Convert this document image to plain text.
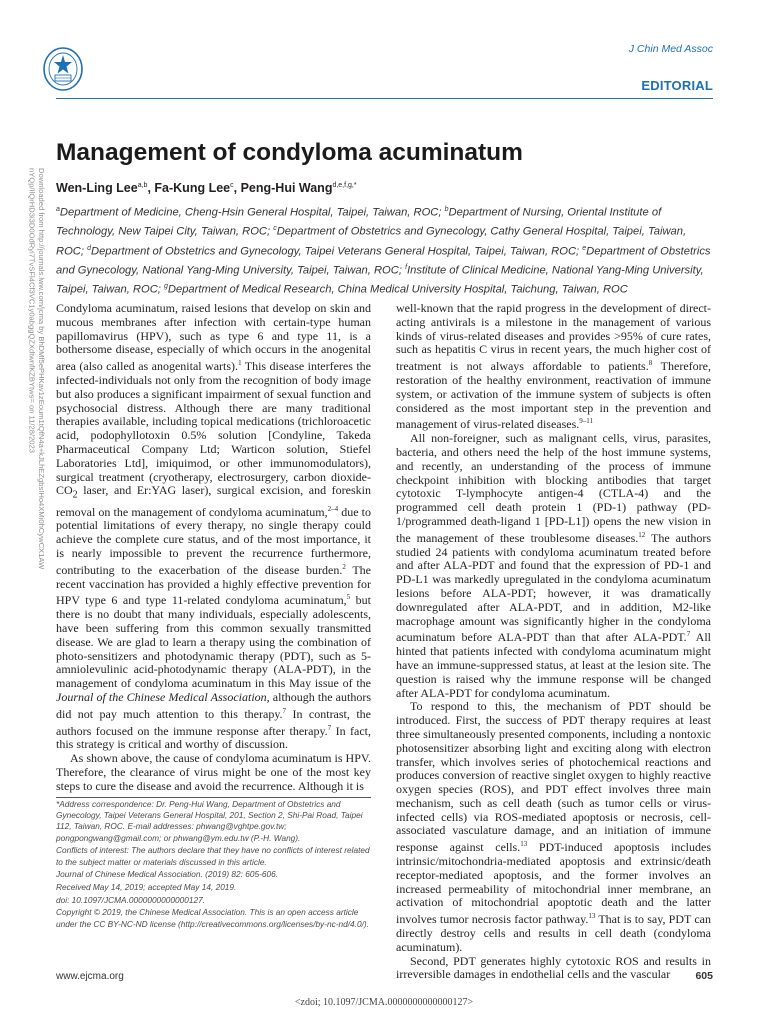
J Chin Med Assoc
EDITORIAL
Downloaded from http://journals.lww.com/jcma by BhDMf5ePHKav1zEoum1tQfN4a+kJLhEZgbsIHo4XMi0hCywCX1AW
nYQp/IlQrHD3i3D0OdRyi7TvSFl4Cf3VC1y0abggQZXdtwnfKZBYtws= on 11/28/2023
Management of condyloma acuminatum
Wen-Ling Lee$^{a,b}$, Fa-Kung Lee$^c$, Peng-Hui Wang$^{d,e,f,g,*}$

$^a$Department of Medicine, Cheng-Hsin General Hospital, Taipei, Taiwan, ROC; $^b$Department of Nursing, Oriental Institute of Technology, New Taipei City, Taiwan, ROC; $^c$Department of Obstetrics and Gynecology, Cathy General Hospital, Taipei, Taiwan, ROC; $^d$Department of Obstetrics and Gynecology, Taipei Veterans General Hospital, Taipei, Taiwan, ROC; $^e$Department of Obstetrics and Gynecology, National Yang-Ming University, Taipei, Taiwan, ROC; $^f$Institute of Clinical Medicine, National Yang-Ming University, Taipei, Taiwan, ROC; $^g$Department of Medical Research, China Medical University Hospital, Taichung, Taiwan, ROC

Condyloma acuminatum, raised lesions that develop on skin and mucous membranes after infection with certain-type human papillomavirus (HPV), such as type 6 and type 11, is a bothersome disease, especially of which occurs in the anogenital area (also called as anogenital warts).$^1$ This disease interferes the infected-individuals not only from the recognition of body image but also produces a significant impairment of sexual function and psychosocial distress. Although there are many traditional therapies available, including topical medications (trichloroacetic acid, podophyllotoxin 0.5% solution [Condyline, Takeda Pharmaceutical Company Ltd; Warticon solution, Stiefel Laboratories Ltd], imiquimod, or other immunomodulators), surgical treatment (cryotherapy, electrosurgery, carbon dioxide-$CO_2$ laser, and Er:YAG laser), surgical excision, and foreskin removal on the management of condyloma acuminatum,$^{2-4}$ due to potential limitations of every therapy, no single therapy could achieve the complete cure status, and of the most importance, it is nearly impossible to prevent the recurrence furthermore, contributing to the exacerbation of the disease burden.$^2$ The recent vaccination has provided a highly effective prevention for HPV type 6 and type 11-related condyloma acuminatum,$^5$ but there is no doubt that many individuals, especially adolescents, have been suffering from this common sexually transmitted disease. We are glad to learn a therapy using the combination of photo-sensitizers and photodynamic therapy (PDT), such as 5-amniolevulinic acid-photodynamic therapy (ALA-PDT), in the management of condyloma acuminatum in this May issue of the Journal of the Chinese Medical Association, although the authors did not pay much attention to this therapy.$^7$ In contrast, the authors focused on the immune response after therapy.$^7$ In fact, this strategy is critical and worthy of discussion.

As shown above, the cause of condyloma acuminatum is HPV. Therefore, the clearance of virus might be one of the most key steps to cure the disease and avoid the recurrence. Although it is

well-known that the rapid progress in the development of direct-acting antivirals is a milestone in the management of various kinds of virus-related diseases and provides >95% of cure rates, such as hepatitis C virus in recent years, the much higher cost of treatment is not always affordable to patients.$^8$ Therefore, restoration of the healthy environment, reactivation of immune system, or activation of the immune system of subjects is often considered as the most important step in the prevention and management of virus-related diseases.$^{9-11}$

All non-foreigner, such as malignant cells, virus, parasites, bacteria, and others need the help of the host immune systems, and recently, an understanding of the process of immune checkpoint inhibition with blocking antibodies that target cytotoxic T-lymphocyte antigen-4 (CTLA-4) and the programmed cell death protein 1 (PD-1) pathway (PD-1/programmed death-ligand 1 [PD-L1]) opens the new vision in the management of these troublesome diseases.$^{12}$ The authors studied 24 patients with condyloma acuminatum treated before and after ALA-PDT and found that the expression of PD-1 and PD-L1 was markedly upregulated in the condyloma acuminatum lesions before ALA-PDT; however, it was dramatically downregulated after ALA-PDT, and in addition, M2-like macrophage amount was significantly higher in the condyloma acuminatum before ALA-PDT than that after ALA-PDT.$^7$ All hinted that patients infected with condyloma acuminatum might have an immune-suppressed status, at least at the lesion site. The question is raised why the immune response will be changed after ALA-PDT for condyloma acuminatum.

To respond to this, the mechanism of PDT should be introduced. First, the success of PDT therapy requires at least three simultaneously presented components, including a nontoxic photosensitizer absorbing light and exciting along with electron transfer, which involves series of photochemical reactions and produces conversion of reactive singlet oxygen to highly reactive oxygen species (ROS), and PDT effect involves three main mechanism, such as cell death (such as tumor cells or virus-infected cells) via ROS-mediated apoptosis or necrosis, cell-associated vasculature damage, and an initiation of immune response against cells.$^{13}$ PDT-induced apoptosis includes intrinsic/mitochondria-mediated apoptosis and extrinsic/death receptor-mediated apoptosis, and the former involves an increased permeability of mitochondrial inner membrane, an activation of mitochondrial apoptotic death and the latter involves tumor necrosis factor pathway.$^{13}$ That is to say, PDT can directly destroy cells and results in cell death (condyloma acuminatum).

Second, PDT generates highly cytotoxic ROS and results in irreversible damages in endothelial cells and the vascular

*Address correspondence: Dr. Peng-Hui Wang, Department of Obstetrics and Gynecology, Taipei Veterans General Hospital, 201, Section 2, Shi-Pai Road, Taipei 112, Taiwan, ROC. E-mail addresses: phwang@vghtpe.gov.tw; pongpongwang@gmail.com; or phwang@ym.edu.tw (P.-H. Wang).

Conflicts of interest: The authors declare that they have no conflicts of interest related to the subject matter or materials discussed in this article.

Journal of Chinese Medical Association. (2019) 82: 605-606.

Received May 14, 2019; accepted May 14, 2019.

doi: 10.1097/JCMA.0000000000000127.

Copyright © 2019, the Chinese Medical Association. This is an open access article under the CC BY-NC-ND license (http://creativecommons.org/licenses/by-nc-nd/4.0/).

www.ejcma.org	605
<zdoi; 10.1097/JCMA.0000000000000127>
